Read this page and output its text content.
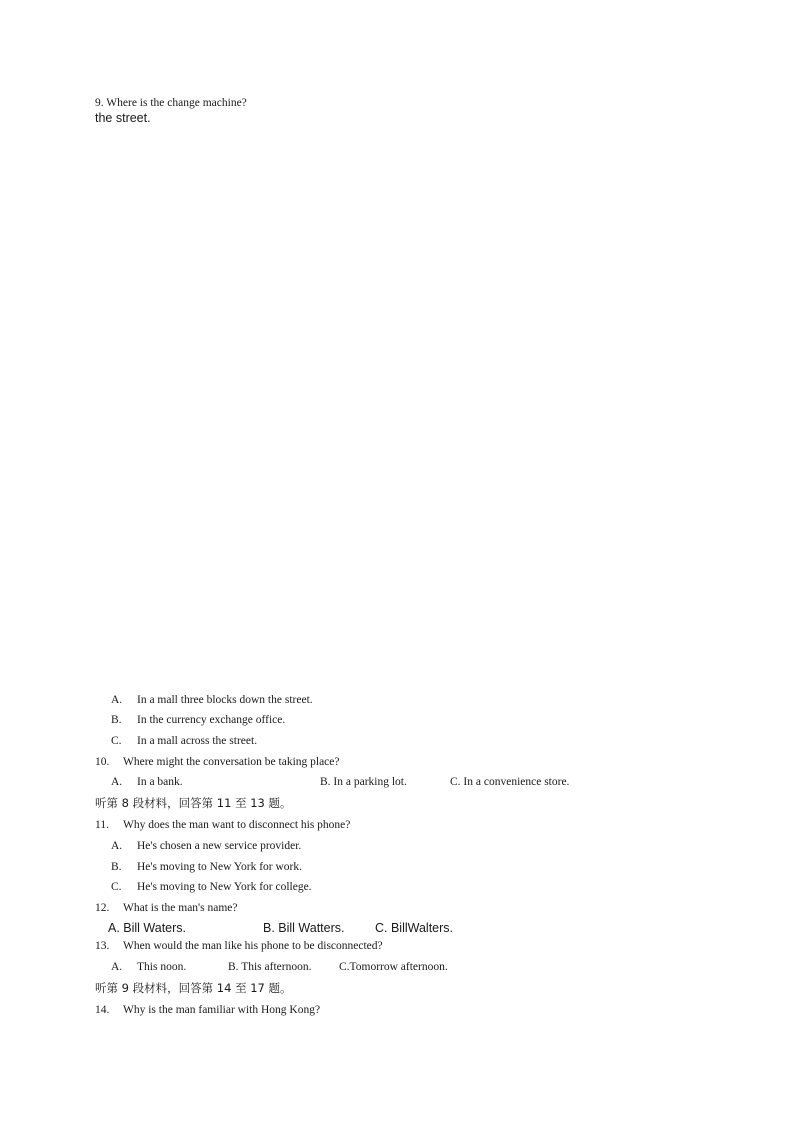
9. Where is the change machine?
the street.
A. In a mall three blocks down the street.
B. In the currency exchange office.
C. In a mall across the street.
10. Where might the conversation be taking place?
A. In a bank.	B. In a parking lot.	C. In a convenience store.
听第 8 段材料，回答第 11 至 13 题。
11. Why does the man want to disconnect his phone?
A. He's chosen a new service provider.
B. He's moving to New York for work.
C. He's moving to New York for college.
12. What is the man's name?
A. Bill Waters.	B. Bill Watters. C. BillWalters.
13. When would the man like his phone to be disconnected?
A. This noon.	B. This afternoon. C.Tomorrow afternoon.
听第 9 段材料，回答第 14 至 17 题。
14. Why is the man familiar with Hong Kong?
